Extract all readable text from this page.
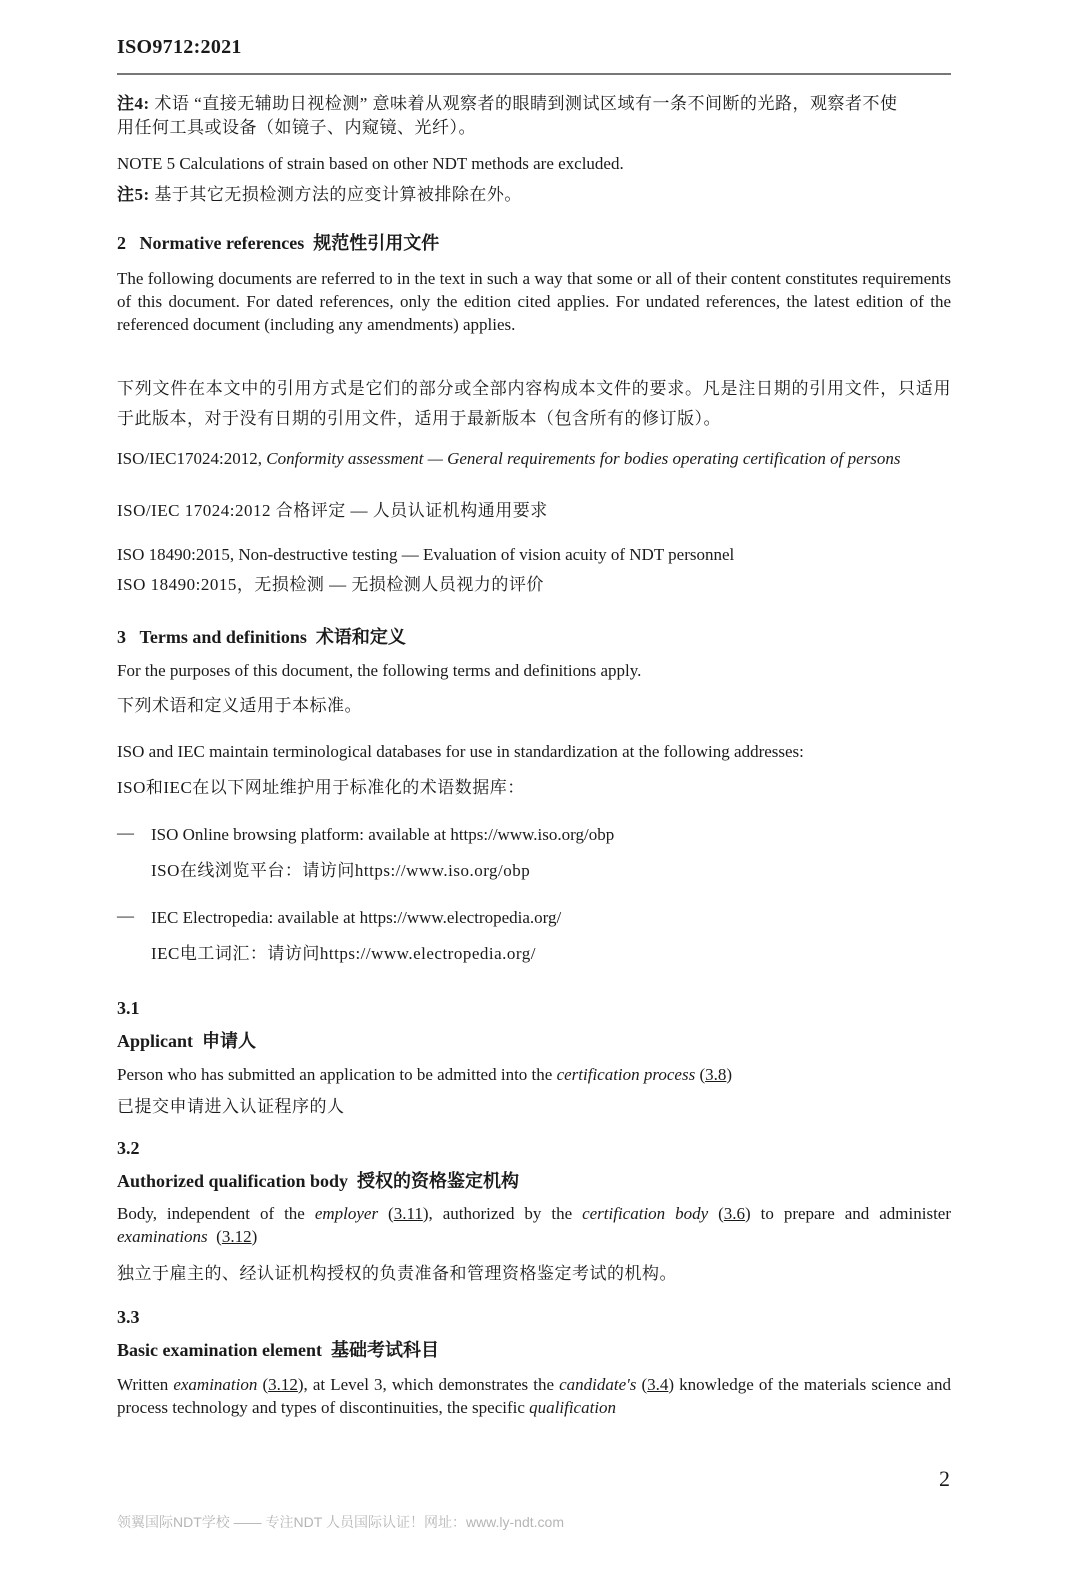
ISO9712:2021

注4: 术语 “直接无辅助日视检测” 意味着从观察者的眼睛到测试区域有一条不间断的光路，观察者不使

用任何工具或设备（如镜子、内窥镜、光纤）。

NOTE 5 Calculations of strain based on other NDT methods are excluded.

注5: 基于其它无损检测方法的应变计算被排除在外。

2 Normative references 规范性引用文件

The following documents are referred to in the text in such a way that some or all of their content constitutes requirements of this document. For dated references, only the edition cited applies. For undated references, the latest edition of the referenced document (including any amendments) applies.

下列文件在本文中的引用方式是它们的部分或全部内容构成本文件的要求。凡是注日期的引用文件，只适用于此版本，对于没有日期的引用文件，适用于最新版本（包含所有的修订版）。

ISO/IEC17024:2012, Conformity assessment — General requirements for bodies operating certification of persons

ISO/IEC 17024:2012 合格评定 — 人员认证机构通用要求

ISO 18490:2015, Non-destructive testing — Evaluation of vision acuity of NDT personnel

ISO 18490:2015，无损检测 — 无损检测人员视力的评价

3 Terms and definitions 术语和定义

For the purposes of this document, the following terms and definitions apply.

下列术语和定义适用于本标准。

ISO and IEC maintain terminological databases for use in standardization at the following addresses:

ISO和IEC在以下网址维护用于标准化的术语数据库：

— ISO Online browsing platform: available at https://www.iso.org/obp

ISO在线浏览平台：请访问https://www.iso.org/obp

— IEC Electropedia: available at https://www.electropedia.org/

IEC电工词汇：请访问https://www.electropedia.org/

3.1

Applicant 申请人

Person who has submitted an application to be admitted into the certification process (3.8)

已提交申请进入认证程序的人

3.2

Authorized qualification body 授权的资格鉴定机构

Body, independent of the employer (3.11), authorized by the certification body (3.6) to prepare and administer examinations  (3.12)

独立于雇主的、经认证机构授权的负责准备和管理资格鉴定考试的机构。

3.3

Basic examination element 基础考试科目

Written examination (3.12), at Level 3, which demonstrates the candidate's (3.4) knowledge of the materials science and process technology and types of discontinuities, the specific qualification

2
领翼国际NDT学校 —— 专注NDT 人员国际认证！网址：www.ly-ndt.com
